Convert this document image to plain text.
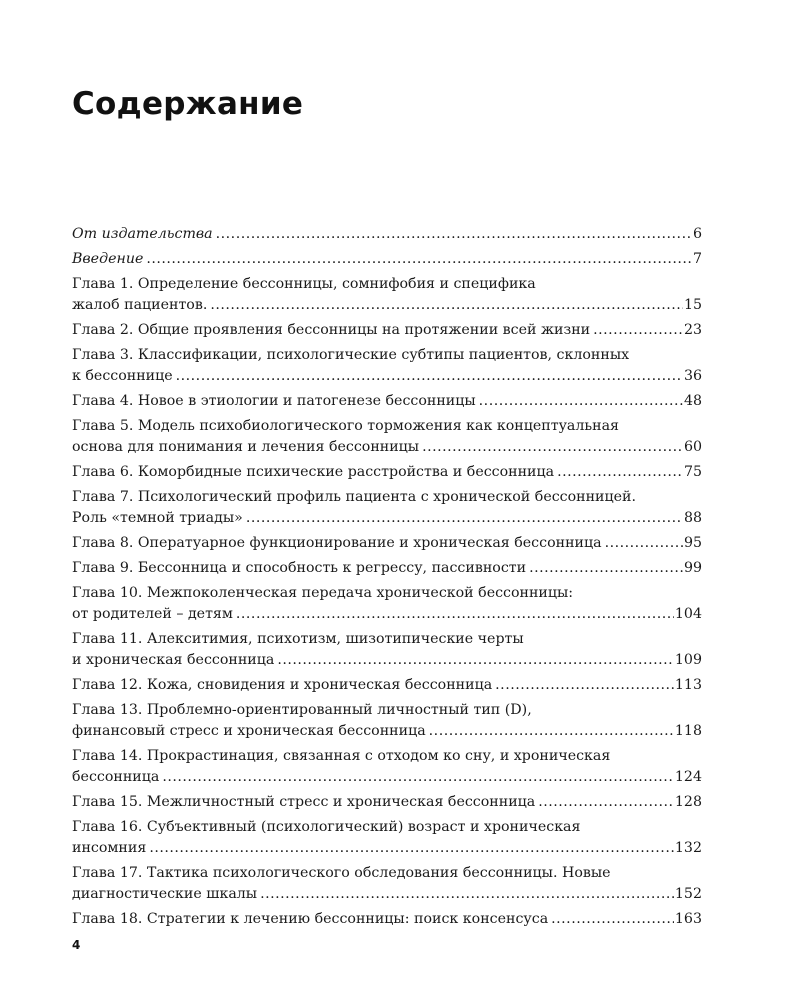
Содержание
От издательства .....	6
Введение .....	7
Глава 1. Определение бессонницы, сомнифобия и специфика
жалоб пациентов. .....	15
Глава 2. Общие проявления бессонницы на протяжении всей жизни .....	23
Глава 3. Классификации, психологические субтипы пациентов, склонных
к бессоннице .....	36
Глава 4. Новое в этиологии и патогенезе бессонницы .....	48
Глава 5. Модель психобиологического торможения как концептуальная
основа для понимания и лечения бессонницы .....	60
Глава 6. Коморбидные психические расстройства и бессонница .....	75
Глава 7. Психологический профиль пациента с хронической бессонницей.
Роль «темной триады» .....	88
Глава 8. Оператуарное функционирование и хроническая бессонница .....	95
Глава 9. Бессонница и способность к регрессу, пассивности .....	99
Глава 10. Межпоколенческая передача хронической бессонницы:
от родителей – детям .....	104
Глава 11. Алекситимия, психотизм, шизотипические черты
и хроническая бессонница .....	109
Глава 12. Кожа, сновидения и хроническая бессонница .....	113
Глава 13. Проблемно-ориентированный личностный тип (D),
финансовый стресс и хроническая бессонница .....	118
Глава 14. Прокрастинация, связанная с отходом ко сну, и хроническая
бессонница .....	124
Глава 15. Межличностный стресс и хроническая бессонница .....	128
Глава 16. Субъективный (психологический) возраст и хроническая
инсомния .....	132
Глава 17. Тактика психологического обследования бессонницы. Новые
диагностические шкалы .....	152
Глава 18. Стратегии к лечению бессонницы: поиск консенсуса .....	163
4
